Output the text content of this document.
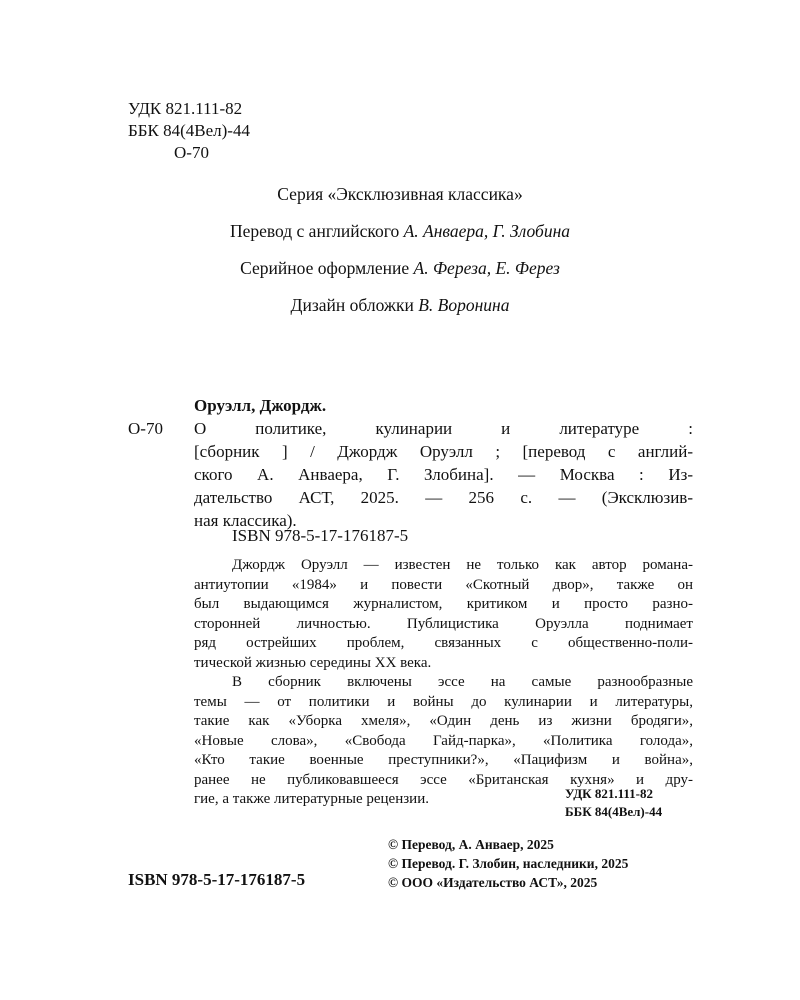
УДК 821.111-82
ББК 84(4Вел)-44
О-70
Серия «Эксклюзивная классика»
Перевод с английского А. Анваера, Г. Злобина
Серийное оформление А. Фереза, Е. Ферез
Дизайн обложки В. Воронина
Оруэлл, Джордж.
О-70 О политике, кулинарии и литературе :
[сборник ] / Джордж Оруэлл ; [перевод с англий-
ского А. Анваера, Г. Злобина]. — Москва : Из-
дательство АСТ, 2025. — 256 с. — (Эксклюзив-
ная классика).
ISBN 978-5-17-176187-5
Джордж Оруэлл — известен не только как автор романа-
антиутопии «1984» и повести «Скотный двор», также он
был выдающимся журналистом, критиком и просто разно-
сторонней личностью. Публицистика Оруэлла поднимает
ряд острейших проблем, связанных с общественно-поли-
тической жизнью середины XX века.
В сборник включены эссе на самые разнообразные
темы — от политики и войны до кулинарии и литературы,
такие как «Уборка хмеля», «Один день из жизни бродяги»,
«Новые слова», «Свобода Гайд-парка», «Политика голода»,
«Кто такие военные преступники?», «Пацифизм и война»,
ранее не публиковавшееся эссе «Британская кухня» и дру-
гие, а также литературные рецензии.	УДК 821.111-82
ББК 84(4Вел)-44
© Перевод, А. Анваер, 2025
© Перевод. Г. Злобин, наследники, 2025
© ООО «Издательство АСТ», 2025
ISBN 978-5-17-176187-5
